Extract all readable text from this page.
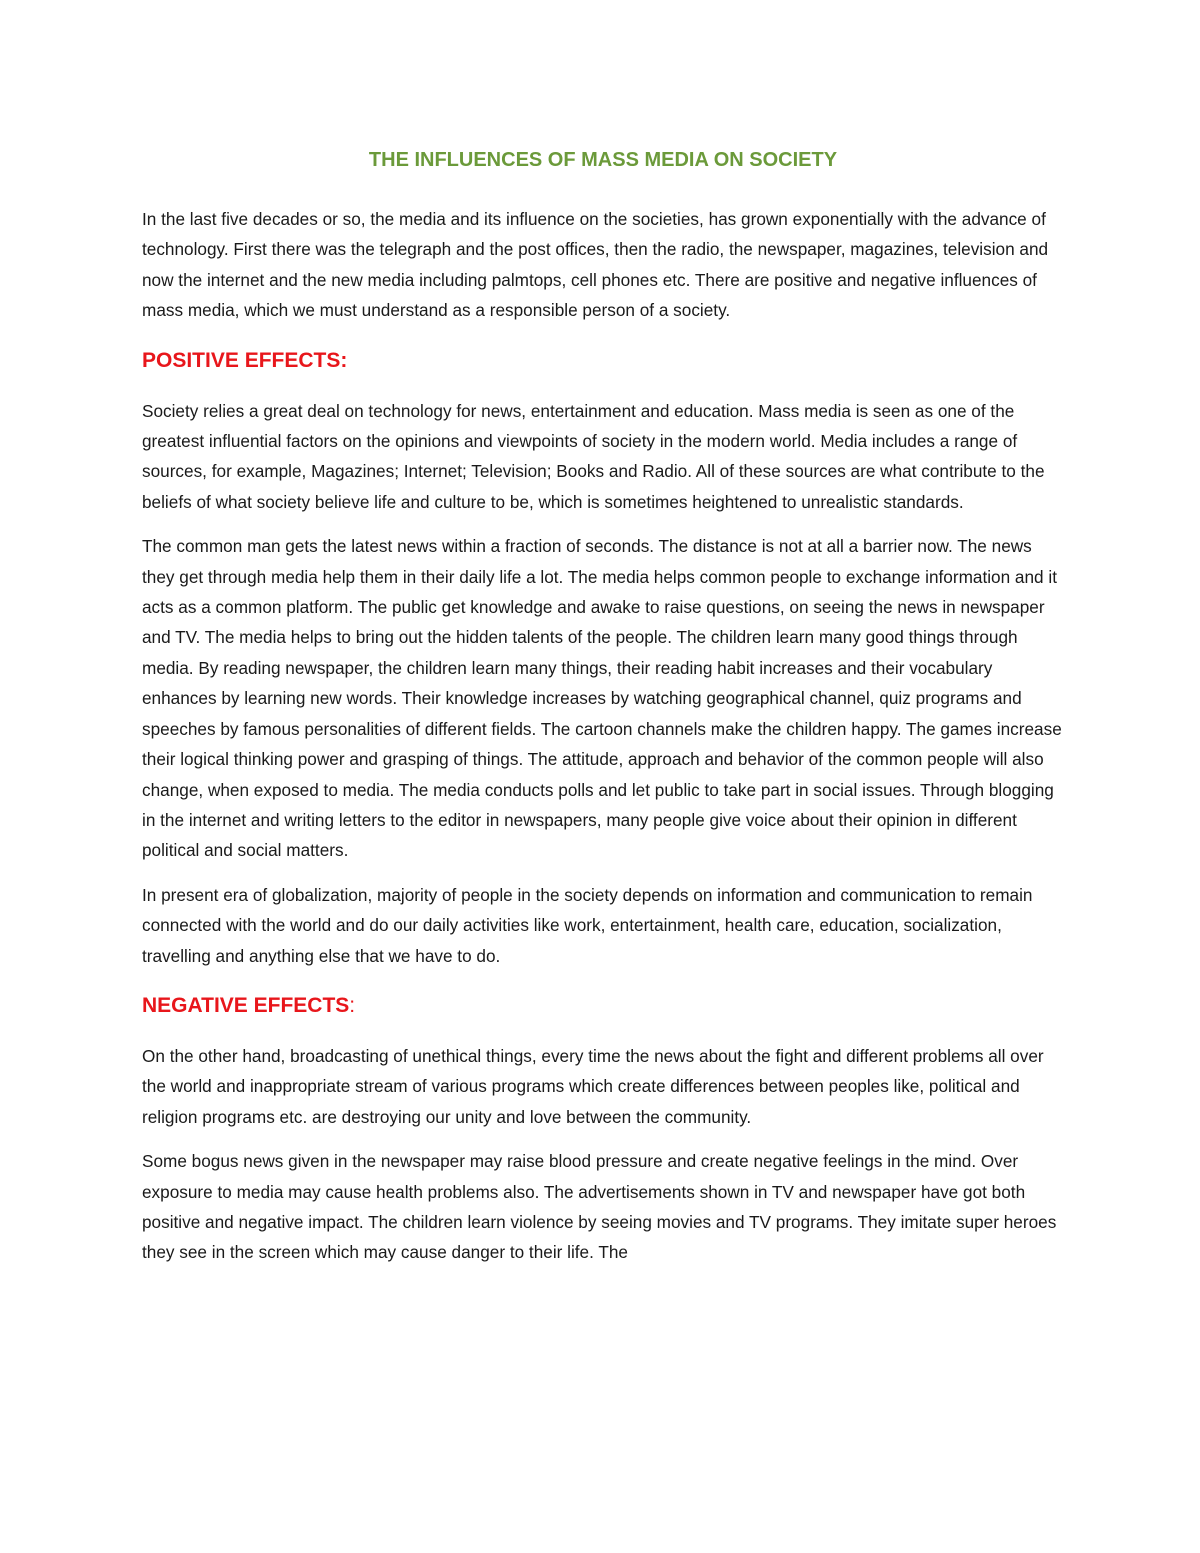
THE INFLUENCES OF MASS MEDIA ON SOCIETY

In the last five decades or so, the media and its influence on the societies, has grown exponentially with the advance of technology. First there was the telegraph and the post offices, then the radio, the newspaper, magazines, television and now the internet and the new media including palmtops, cell phones etc. There are positive and negative influences of mass media, which we must understand as a responsible person of a society.

POSITIVE EFFECTS:

Society relies a great deal on technology for news, entertainment and education. Mass media is seen as one of the greatest influential factors on the opinions and viewpoints of society in the modern world. Media includes a range of sources, for example, Magazines; Internet; Television; Books and Radio. All of these sources are what contribute to the beliefs of what society believe life and culture to be, which is sometimes heightened to unrealistic standards.

The common man gets the latest news within a fraction of seconds. The distance is not at all a barrier now. The news they get through media help them in their daily life a lot. The media helps common people to exchange information and it acts as a common platform. The public get knowledge and awake to raise questions, on seeing the news in newspaper and TV. The media helps to bring out the hidden talents of the people. The children learn many good things through media. By reading newspaper, the children learn many things, their reading habit increases and their vocabulary enhances by learning new words. Their knowledge increases by watching geographical channel, quiz programs and speeches by famous personalities of different fields. The cartoon channels make the children happy. The games increase their logical thinking power and grasping of things. The attitude, approach and behavior of the common people will also change, when exposed to media. The media conducts polls and let public to take part in social issues. Through blogging in the internet and writing letters to the editor in newspapers, many people give voice about their opinion in different political and social matters.

In present era of globalization, majority of people in the society depends on information and communication to remain connected with the world and do our daily activities like work, entertainment, health care, education, socialization, travelling and anything else that we have to do.

NEGATIVE EFFECTS:

On the other hand, broadcasting of unethical things, every time the news about the fight and different problems all over the world and inappropriate stream of various programs which create differences between peoples like, political and religion programs etc. are destroying our unity and love between the community.

Some bogus news given in the newspaper may raise blood pressure and create negative feelings in the mind. Over exposure to media may cause health problems also. The advertisements shown in TV and newspaper have got both positive and negative impact. The children learn violence by seeing movies and TV programs. They imitate super heroes they see in the screen which may cause danger to their life. The
